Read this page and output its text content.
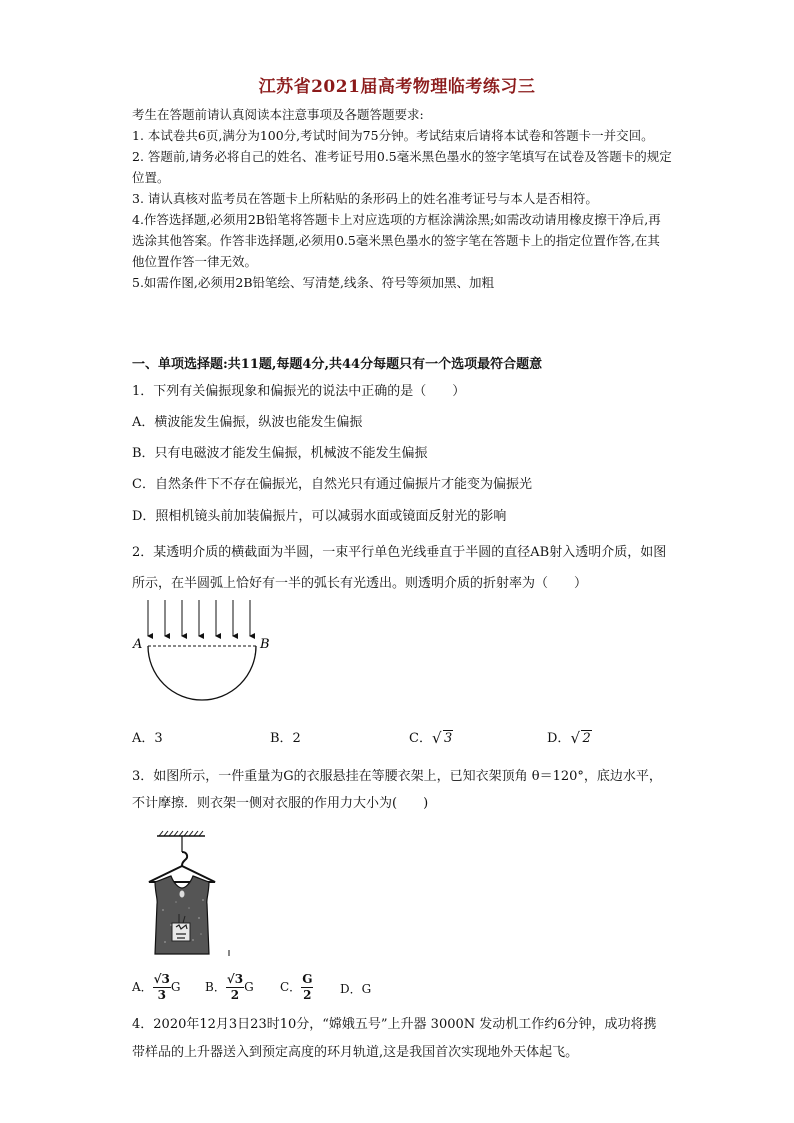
江苏省2021届高考物理临考练习三

考生在答题前请认真阅读本注意事项及各题答题要求:

1. 本试卷共6页,满分为100分,考试时间为75分钟。考试结束后请将本试卷和答题卡一并交回。

2. 答题前,请务必将自己的姓名、准考证号用0.5毫米黑色墨水的签字笔填写在试卷及答题卡的规定位置。

3. 请认真核对监考员在答题卡上所粘贴的条形码上的姓名准考证号与本人是否相符。

4.作答选择题,必须用2B铅笔将答题卡上对应选项的方框涂满涂黑;如需改动请用橡皮擦干净后,再选涂其他答案。作答非选择题,必须用0.5毫米黑色墨水的签字笔在答题卡上的指定位置作答,在其他位置作答一律无效。

5.如需作图,必须用2B铅笔绘、写清楚,线条、符号等须加黑、加粗

一、单项选择题:共11题,每题4分,共44分每题只有一个选项最符合题意
1．下列有关偏振现象和偏振光的说法中正确的是（　　）
A．横波能发生偏振，纵波也能发生偏振
B．只有电磁波才能发生偏振，机械波不能发生偏振
C．自然条件下不存在偏振光，自然光只有通过偏振片才能变为偏振光
D．照相机镜头前加装偏振片，可以减弱水面或镜面反射光的影响
2．某透明介质的横截面为半圆，一束平行单色光线垂直于半圆的直径AB射入透明介质，如图所示，在半圆弧上恰好有一半的弧长有光透出。则透明介质的折射率为（　　）
A	B
A．3	B．2	C． √ 3	D． √ 2
3．如图所示，一件重量为G的衣服悬挂在等腰衣架上，已知衣架顶角 θ＝120°，底边水平，不计摩擦．则衣架一侧对衣服的作用力大小为(　　)
A． $\frac{√3}{3}$ G B． $\frac{√3}{2}$ G C． $\frac{G}{2}$ D．G
4．2020年12月3日23时10分，“嫦娥五号”上升器 3000N 发动机工作约6分钟，成功将携带样品的上升器送入到预定高度的环月轨道,这是我国首次实现地外天体起飞。
